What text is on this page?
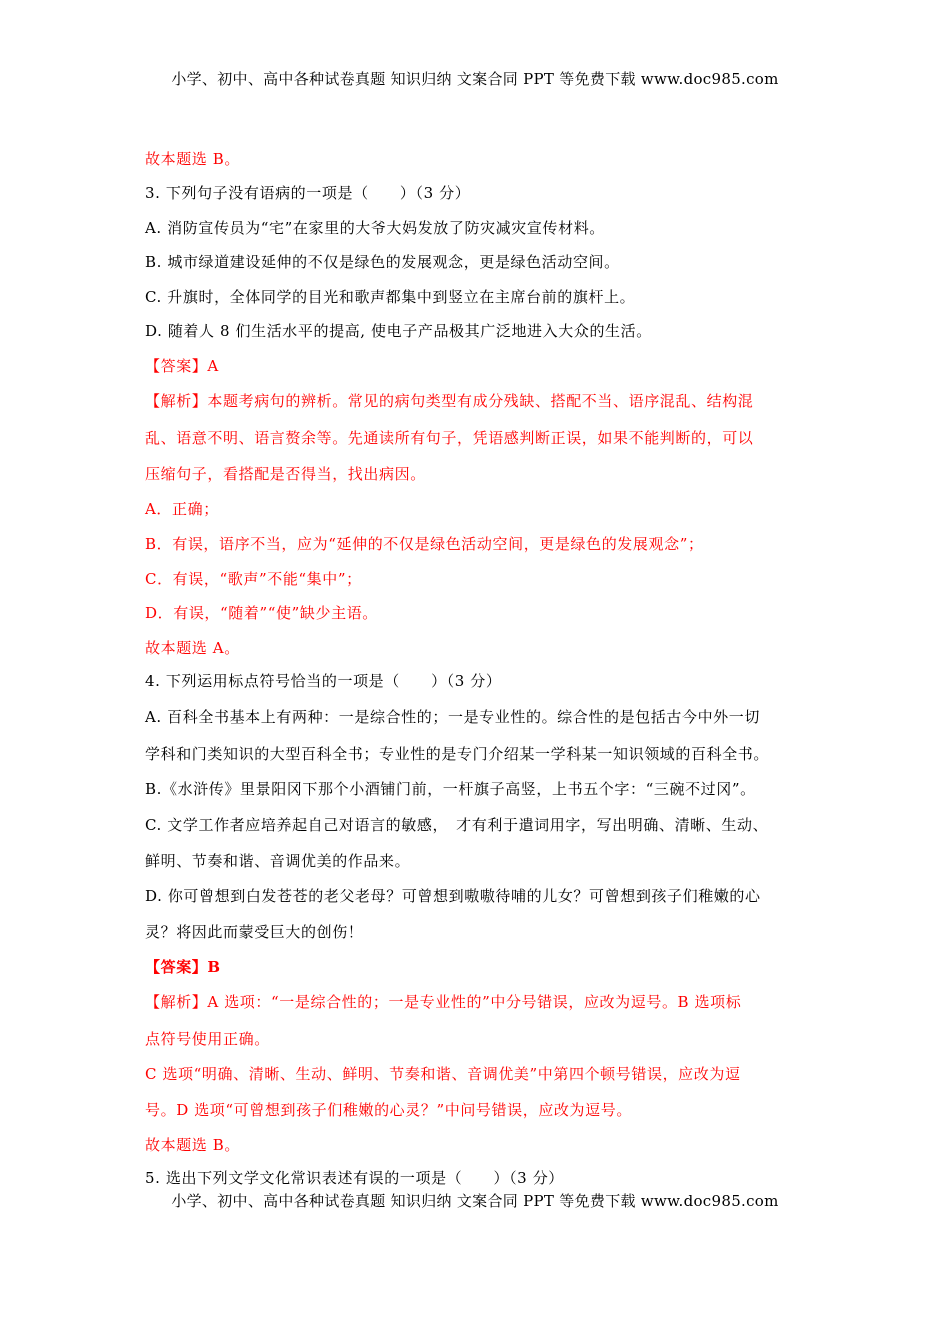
小学、初中、高中各种试卷真题 知识归纳 文案合同 PPT 等免费下载 www.doc985.com
故本题选 B。
3. 下列句子没有语病的一项是（　　）（3 分）
A. 消防宣传员为“宅”在家里的大爷大妈发放了防灾减灾宣传材料。
B. 城市绿道建设延伸的不仅是绿色的发展观念，更是绿色活动空间。
C. 升旗时，全体同学的目光和歌声都集中到竖立在主席台前的旗杆上。
D. 随着人 8 们生活水平的提高, 使电子产品极其广泛地进入大众的生活。
【答案】A
【解析】本题考病句的辨析。常见的病句类型有成分残缺、搭配不当、语序混乱、结构混
乱、语意不明、语言赘余等。先通读所有句子，凭语感判断正误，如果不能判断的，可以
压缩句子，看搭配是否得当，找出病因。
A．正确；
B．有误，语序不当，应为“延伸的不仅是绿色活动空间，更是绿色的发展观念”；
C．有误，“歌声”不能“集中”；
D．有误，“随着”“使”缺少主语。
故本题选 A。
4. 下列运用标点符号恰当的一项是（　　）（3 分）
A. 百科全书基本上有两种：一是综合性的；一是专业性的。综合性的是包括古今中外一切
学科和门类知识的大型百科全书；专业性的是专门介绍某一学科某一知识领域的百科全书。
B.《水浒传》里景阳冈下那个小酒铺门前，一杆旗子高竖，上书五个字：“三碗不过冈”。
C. 文学工作者应培养起自己对语言的敏感，　才有利于遣词用字，写出明确、清晰、生动、
鲜明、节奏和谐、音调优美的作品来。
D. 你可曾想到白发苍苍的老父老母？可曾想到嗷嗷待哺的儿女？可曾想到孩子们稚嫩的心
灵？将因此而蒙受巨大的创伤！
【答案】B
【解析】A 选项：“一是综合性的；一是专业性的”中分号错误，应改为逗号。B 选项标
点符号使用正确。
C 选项“明确、清晰、生动、鲜明、节奏和谐、音调优美”中第四个顿号错误，应改为逗
号。D 选项“可曾想到孩子们稚嫩的心灵？”中问号错误，应改为逗号。
故本题选 B。
5. 选出下列文学文化常识表述有误的一项是（　　）（3 分）
小学、初中、高中各种试卷真题 知识归纳 文案合同 PPT 等免费下载 www.doc985.com
